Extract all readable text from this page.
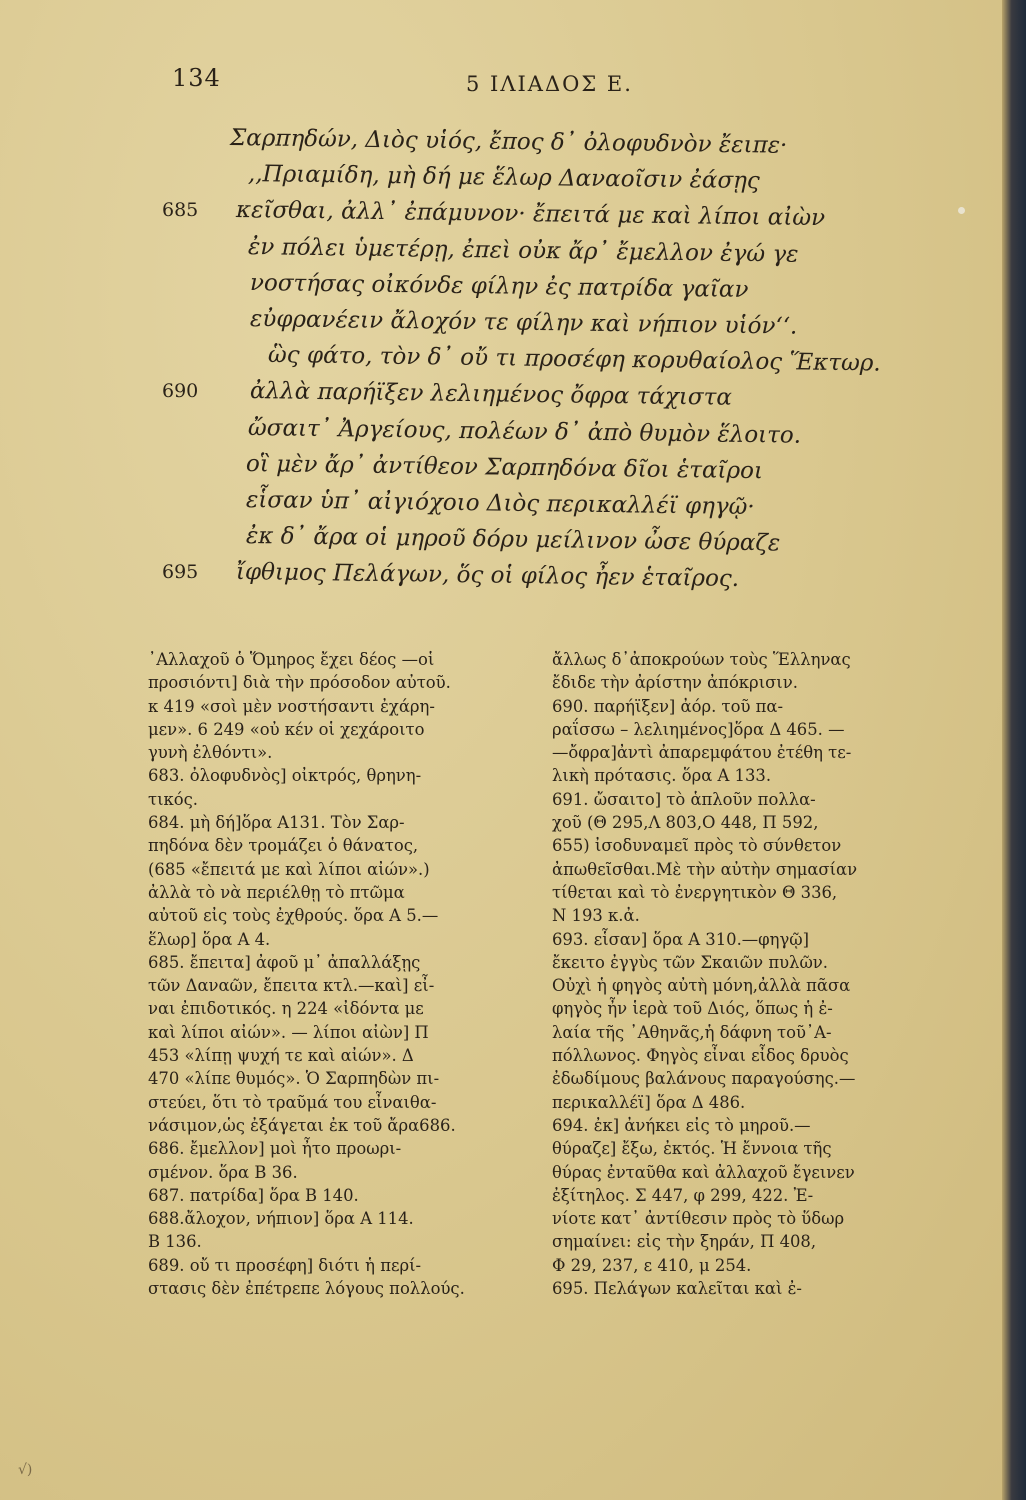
134	5 ΙΛΙΑΔΟΣ Ε.
Σαρπηδών, Διὸς υἱός, ἔπος δ᾽ ὀλοφυδνὸν ἔειπε·
,,Πριαμίδη, μὴ δή με ἕλωρ Δαναοῖσιν ἐάσῃς
κεῖσθαι, ἀλλ᾽ ἐπάμυνον· ἔπειτά με καὶ λίποι αἰὼν
685
ἐν πόλει ὑμετέρῃ, ἐπεὶ οὐκ ἄρ᾽ ἔμελλον ἐγώ γε
νοστήσας οἰκόνδε φίλην ἐς πατρίδα γαῖαν
εὐφρανέειν ἄλοχόν τε φίλην καὶ νήπιον υἱόν‘‘.
ὣς φάτο, τὸν δ᾽ οὔ τι προσέφη κορυθαίολος Ἕκτωρ.
ἀλλὰ παρήϊξεν λελιημένος ὄφρα τάχιστα
690
ὤσαιτ᾽ Ἀργείους, πολέων δ᾽ ἀπὸ θυμὸν ἕλοιτο.
οἳ μὲν ἄρ᾽ ἀντίθεον Σαρπηδόνα δῖοι ἑταῖροι
εἷσαν ὑπ᾽ αἰγιόχοιο Διὸς περικαλλέϊ φηγῷ·
ἐκ δ᾽ ἄρα οἱ μηροῦ δόρυ μείλινον ὦσε θύραζε
ἴφθιμος Πελάγων, ὅς οἱ φίλος ἦεν ἑταῖρος.
695
᾿Αλλαχοῦ ὁ Ὅμηρος ἔχει δέος —οἱ
προσιόντι] διὰ τὴν πρόσοδον αὐτοῦ.
κ 419 «σοὶ μὲν νοστήσαντι ἐχάρη-
μεν». 6 249 «οὐ κέν οἱ χεχάροιτο
γυνὴ ἐλθόντι».
683. ὀλοφυδνὸς] οἰκτρός, θρηνη-
τικός.
684. μὴ δή]ὅρα Α131. Τὸν Σαρ-
πηδόνα δὲν τρομάζει ὁ θάνατος,
(685 «ἔπειτά με καὶ λίποι αἰών».)
ἀλλὰ τὸ νὰ περιέλθῃ τὸ πτῶμα
αὐτοῦ εἰς τοὺς ἐχθρούς. ὅρα Α 5.—
ἕλωρ] ὅρα Α 4.
685. ἔπειτα] ἀφοῦ μ᾽ ἀπαλλάξῃς
τῶν Δαναῶν, ἔπειτα κτλ.—καὶ] εἶ-
ναι ἐπιδοτικός. η 224 «ἰδόντα με
καὶ λίποι αἰών». — λίποι αἰὼν] Π
453 «λίπῃ ψυχή τε καὶ αἰών». Δ
470 «λίπε θυμός». Ὁ Σαρπηδὼν πι-
στεύει, ὅτι τὸ τραῦμά του εἶναιθα-
νάσιμον,ὡς ἐξάγεται ἐκ τοῦ ἄρα686.
686. ἔμελλον] μοὶ ἦτο προωρι-
σμένον. ὅρα Β 36.
687. πατρίδα] ὅρα Β 140.
688.ἄλοχον, νήπιον] ὅρα Α 114.
Β 136.
689. οὔ τι προσέφη] διότι ἡ περί-
στασις δὲν ἐπέτρεπε λόγους πολλούς.
ἄλλως δ᾽ἀποκρούων τοὺς Ἕλληνας
ἔδιδε τὴν ἀρίστην ἀπόκρισιν.
690. παρήϊξεν] ἀόρ. τοῦ πα-
ραΐσσω – λελιημένος]ὅρα Δ 465. —
—ὄφρα]ἀντὶ ἀπαρεμφάτου ἐτέθη τε-
λικὴ πρότασις. ὅρα Α 133.
691. ὤσαιτο] τὸ ἁπλοῦν πολλα-
χοῦ (Θ 295,Λ 803,Ο 448, Π 592,
655) ἰσοδυναμεῖ πρὸς τὸ σύνθετον
ἀπωθεῖσθαι.Μὲ τὴν αὐτὴν σημασίαν
τίθεται καὶ τὸ ἐνεργητικὸν Θ 336,
Ν 193 κ.ἀ.
693. εἷσαν] ὅρα Α 310.—φηγῷ]
ἔκειτο ἐγγὺς τῶν Σκαιῶν πυλῶν.
Οὐχὶ ἡ φηγὸς αὐτὴ μόνη,ἀλλὰ πᾶσα
φηγὸς ἦν ἱερὰ τοῦ Διός, ὅπως ἡ ἐ-
λαία τῆς ᾿Αθηνᾶς,ἡ δάφνη τοῦ᾿Α-
πόλλωνος. Φηγὸς εἶναι εἶδος δρυὸς
ἐδωδίμους βαλάνους παραγούσης.—
περικαλλέϊ] ὅρα Δ 486.
694. ἐκ] ἀνήκει εἰς τὸ μηροῦ.—
θύραζε] ἔξω, ἐκτός. Ἡ ἔννοια τῆς
θύρας ἐνταῦθα καὶ ἀλλαχοῦ ἔγεινεν
ἐξίτηλος. Σ 447, φ 299, 422. Ἐ-
νίοτε κατ᾽ ἀντίθεσιν πρὸς τὸ ὕδωρ
σημαίνει: εἰς τὴν ξηράν, Π 408,
Φ 29, 237, ε 410, μ 254.
695. Πελάγων καλεῖται καὶ ἐ-
√)
